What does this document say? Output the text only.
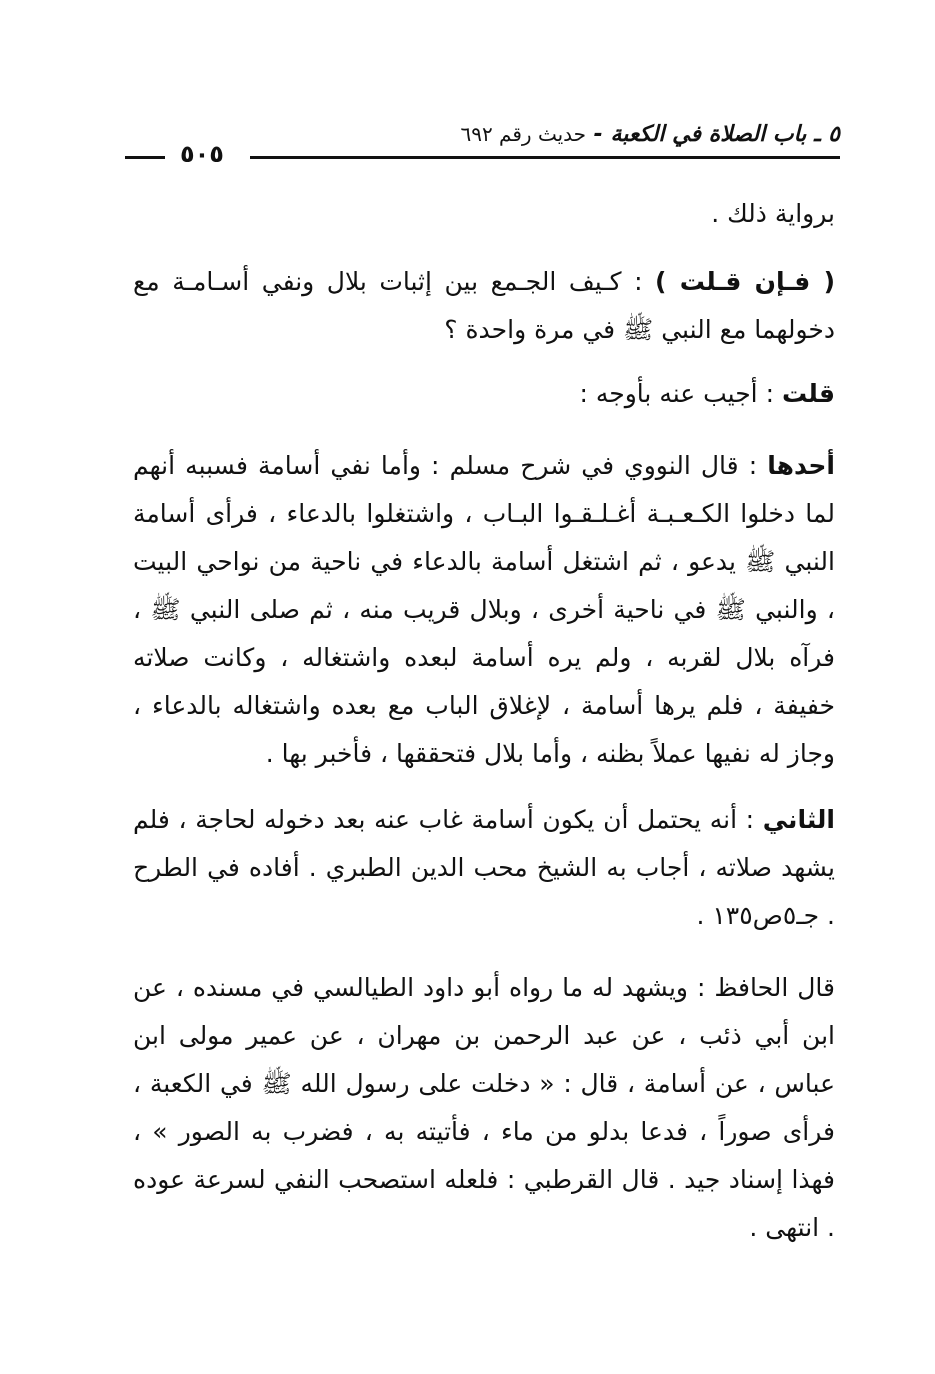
٥ ـ باب الصلاة في الكعبة - حديث رقم ٦٩٢
٥٠٥

برواية ذلك .

( فـإن قـلت ) : كـيف الجـمع بين إثبات بلال ونفي أسـامـة مع دخولهما مع النبي ﷺ في مرة واحدة ؟

قلت : أجيب عنه بأوجه :

أحدها : قال النووي في شرح مسلم : وأما نفي أسامة فسببه أنهم لما دخلوا الكـعـبـة أغـلـقـوا البـاب ، واشتغلوا بالدعاء ، فرأى أسامة النبي ﷺ يدعو ، ثم اشتغل أسامة بالدعاء في ناحية من نواحي البيت ، والنبي ﷺ في ناحية أخرى ، وبلال قريب منه ، ثم صلى النبي ﷺ ، فرآه بلال لقربه ، ولم يره أسامة لبعده واشتغاله ، وكانت صلاته خفيفة ، فلم يرها أسامة ، لإغلاق الباب مع بعده واشتغاله بالدعاء ، وجاز له نفيها عملاً بظنه ، وأما بلال فتحققها ، فأخبر بها .

الثاني : أنه يحتمل أن يكون أسامة غاب عنه بعد دخوله لحاجة ، فلم يشهد صلاته ، أجاب به الشيخ محب الدين الطبري . أفاده في الطرح . جـ٥ص١٣٥ .

قال الحافظ : ويشهد له ما رواه أبو داود الطيالسي في مسنده ، عن ابن أبي ذئب ، عن عبد الرحمن بن مهران ، عن عمير مولى ابن عباس ، عن أسامة ، قال : « دخلت على رسول الله ﷺ في الكعبة ، فرأى صوراً ، فدعا بدلو من ماء ، فأتيته به ، فضرب به الصور » ، فهذا إسناد جيد . قال القرطبي : فلعله استصحب النفي لسرعة عوده . انتهى .
